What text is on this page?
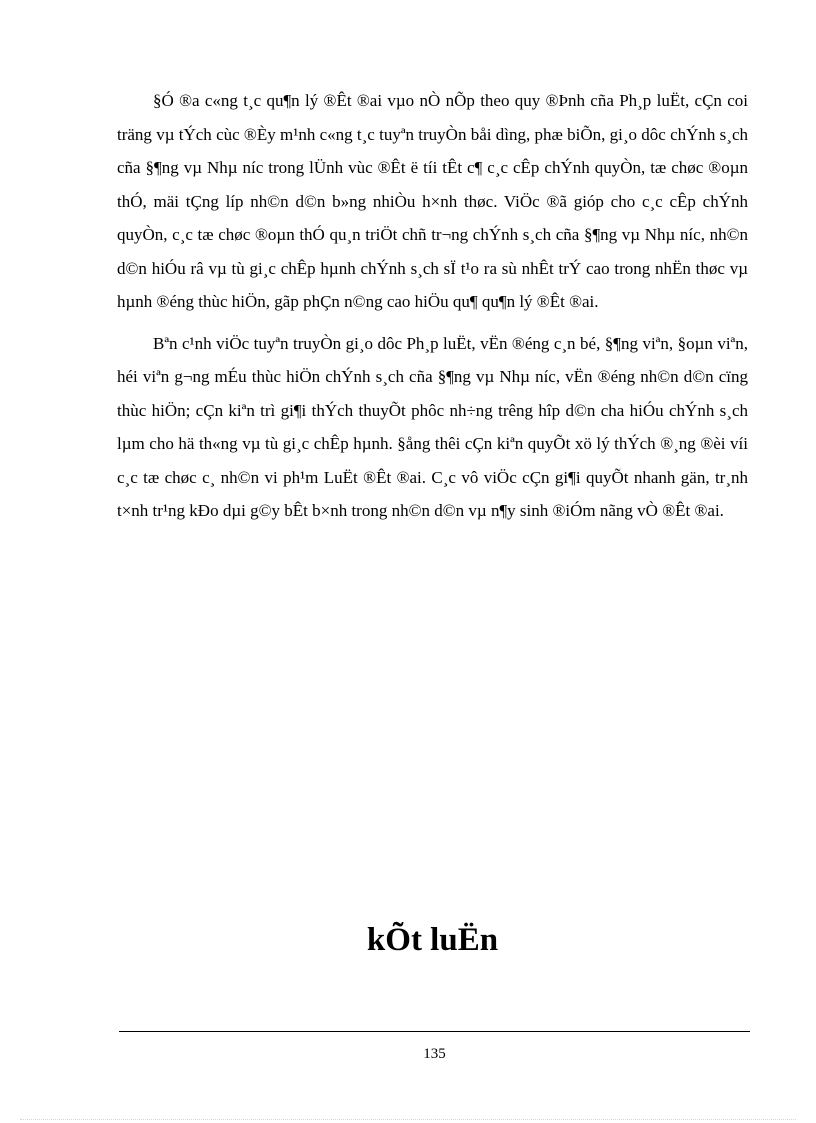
§Ó ®a c«ng t¸c qu¶n lý ®Êt ®ai vµo nÒ nÕp theo quy ®Þnh cña Ph¸p luËt, cÇn coi träng vµ tÝch cùc ®Èy m¹nh c«ng t¸c tuyªn truyÒn båi dìng, phæ biÕn, gi¸o dôc chÝnh s¸ch cña §¶ng vµ Nhµ níc trong lÜnh vùc ®Êt ë tíi tÊt c¶ c¸c cÊp chÝnh quyÒn, tæ chøc ®oµn thÓ, mäi tÇng líp nh©n d©n b»ng nhiÒu h×nh thøc. ViÖc ®ã gióp cho c¸c cÊp chÝnh quyÒn, c¸c tæ chøc ®oµn thÓ qu¸n triÖt chñ tr¬ng chÝnh s¸ch cña §¶ng vµ Nhµ níc, nh©n d©n hiÓu râ vµ tù gi¸c chÊp hµnh chÝnh s¸ch sÏ t¹o ra sù nhÊt trÝ cao trong nhËn thøc vµ hµnh ®éng thùc hiÖn, gãp phÇn n©ng cao hiÖu qu¶ qu¶n lý ®Êt ®ai.

Bªn c¹nh viÖc tuyªn truyÒn gi¸o dôc Ph¸p luËt, vËn ®éng c¸n bé, §¶ng viªn, §oµn viªn, héi viªn g¬ng mÉu thùc hiÖn chÝnh s¸ch cña §¶ng vµ Nhµ níc, vËn ®éng nh©n d©n cïng thùc hiÖn; cÇn kiªn trì gi¶i thÝch thuyÕt phôc nh÷ng trêng hîp d©n cha hiÓu chÝnh s¸ch lµm cho hä th«ng vµ tù gi¸c chÊp hµnh. §ång thêi cÇn kiªn quyÕt xö lý thÝch ®¸ng ®èi víi c¸c tæ chøc c¸ nh©n vi ph¹m LuËt ®Êt ®ai. C¸c vô viÖc cÇn gi¶i quyÕt nhanh gän, tr¸nh t×nh tr¹ng kÐo dµi g©y bÊt b×nh trong nh©n d©n vµ n¶y sinh ®iÓm nãng vÒ ®Êt ®ai.

kÕt luËn
135
